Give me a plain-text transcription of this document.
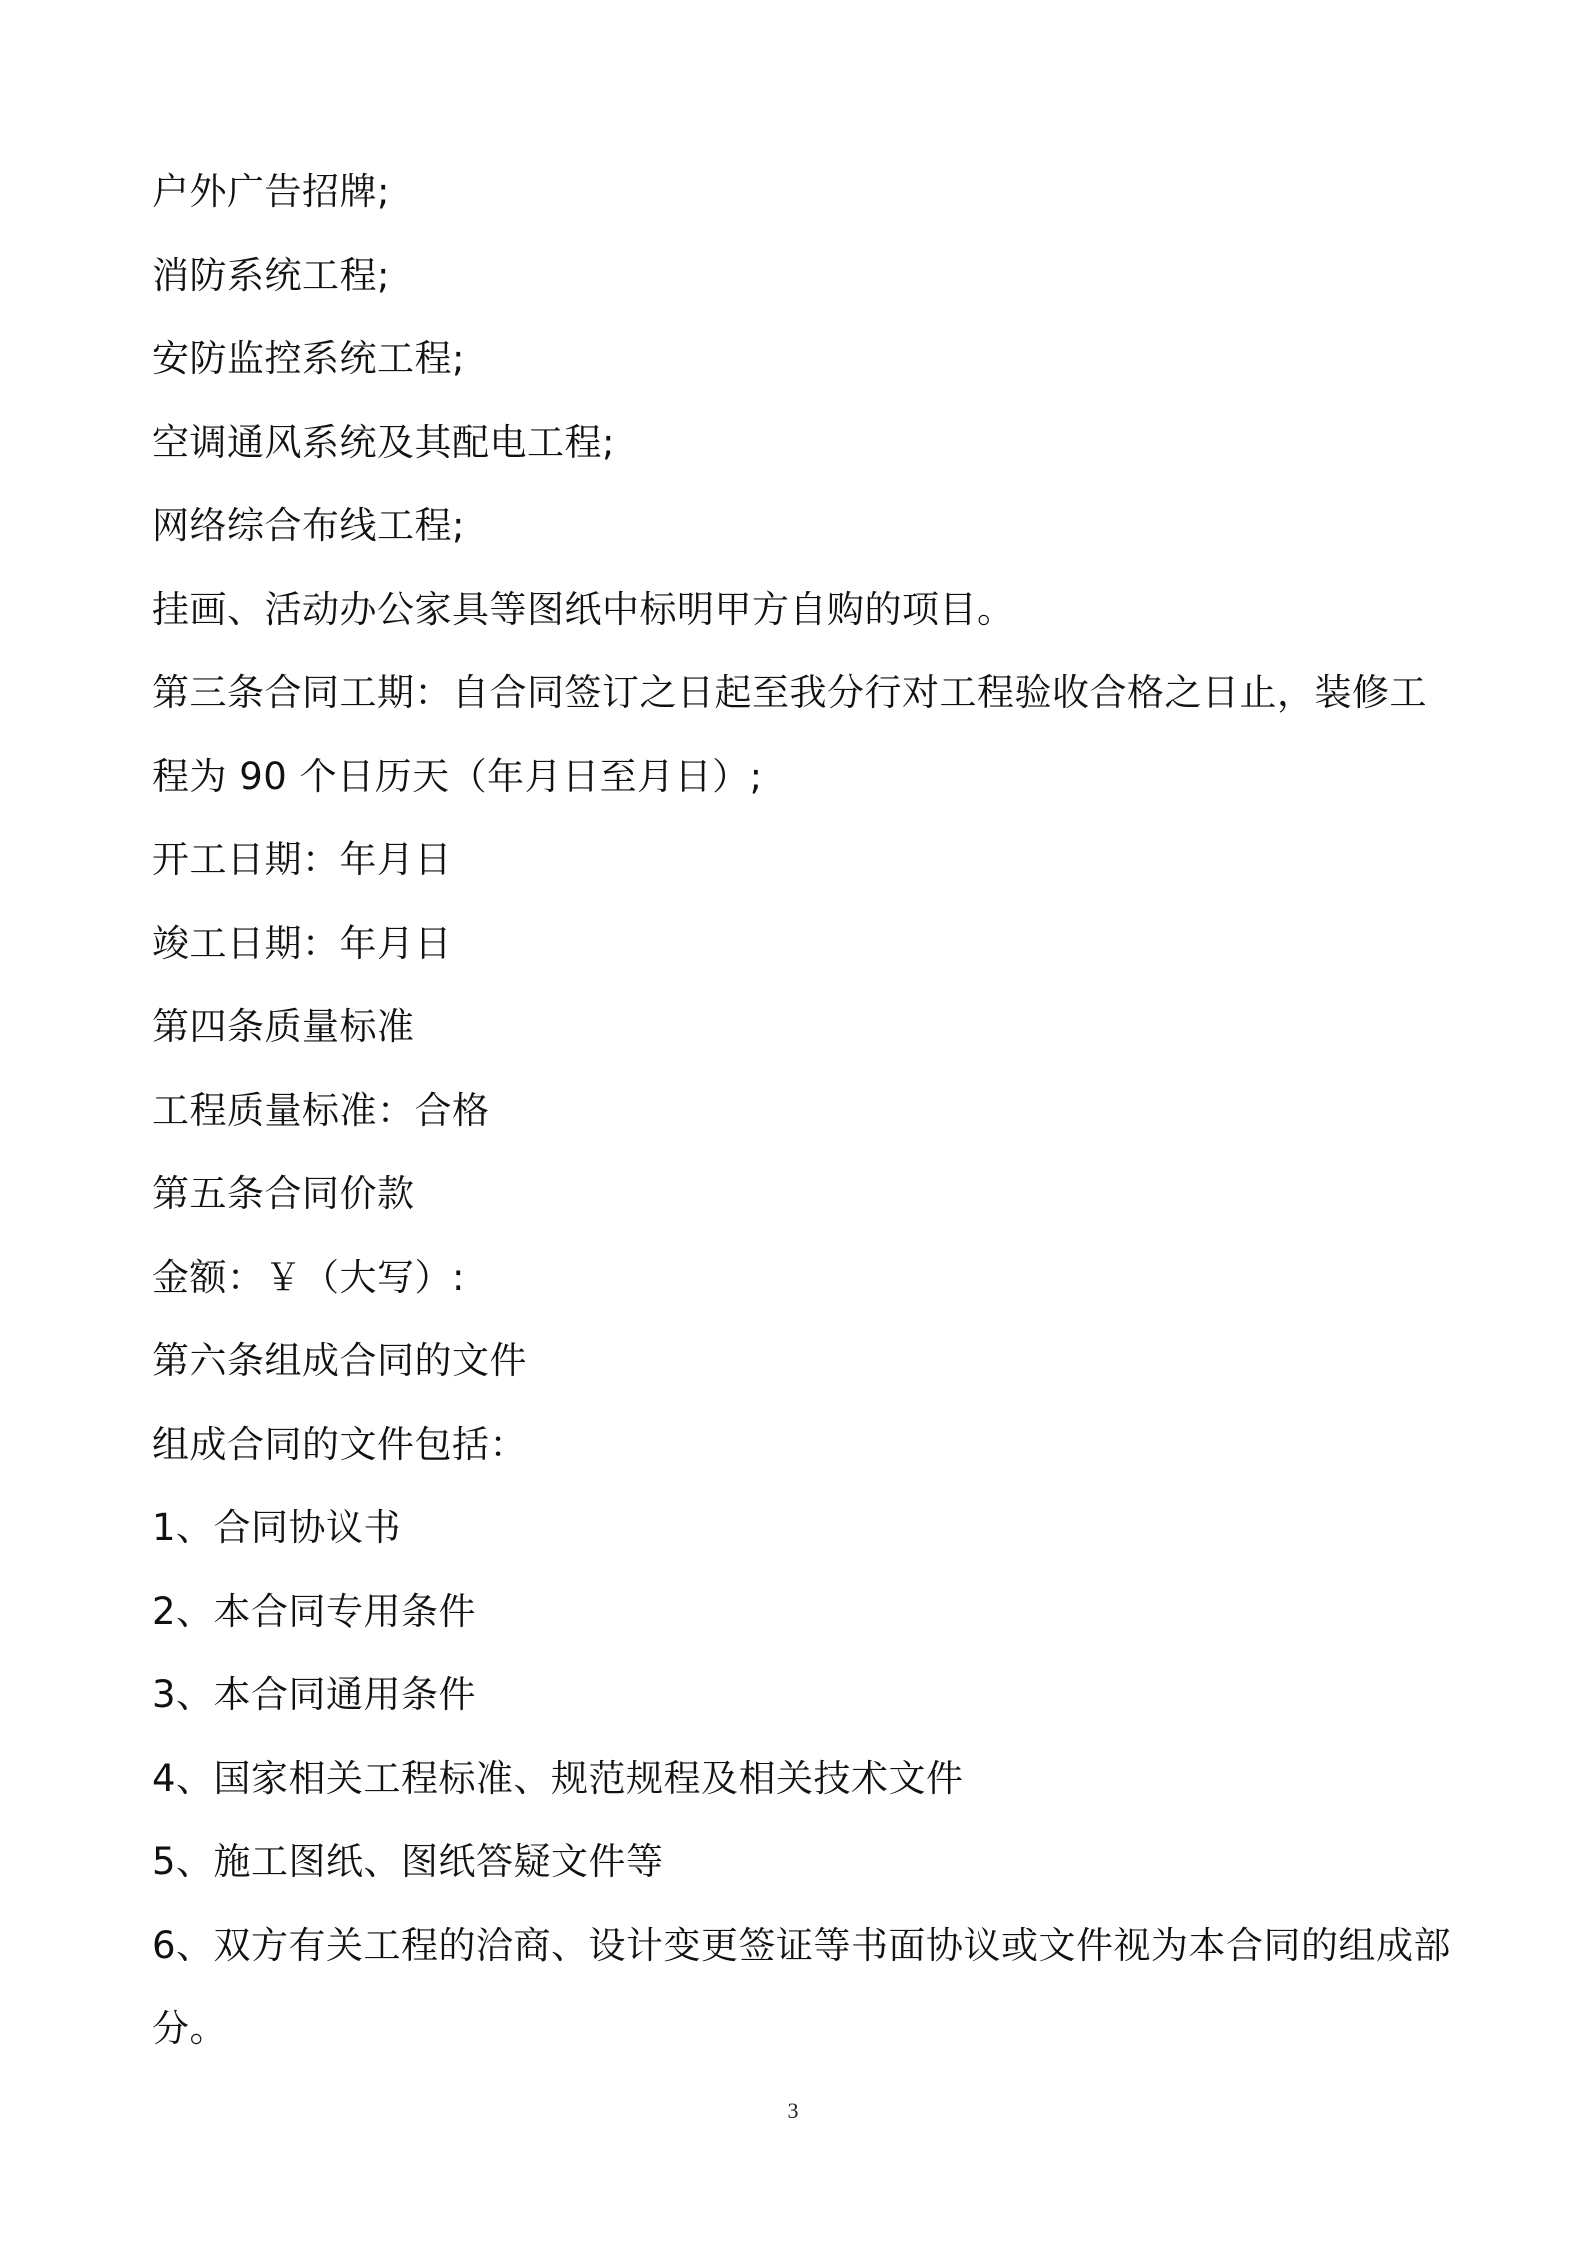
户外广告招牌;
消防系统工程;
安防监控系统工程;
空调通风系统及其配电工程;
网络综合布线工程;
挂画、活动办公家具等图纸中标明甲方自购的项目。
第三条合同工期：自合同签订之日起至我分行对工程验收合格之日止，装修工
程为 90 个日历天（年月日至月日）;
开工日期：年月日
竣工日期：年月日
第四条质量标准
工程质量标准：合格
第五条合同价款
金额：￥（大写）:
第六条组成合同的文件
组成合同的文件包括：
1、合同协议书
2、本合同专用条件
3、本合同通用条件
4、国家相关工程标准、规范规程及相关技术文件
5、施工图纸、图纸答疑文件等
6、双方有关工程的洽商、设计变更签证等书面协议或文件视为本合同的组成部
分。
3
